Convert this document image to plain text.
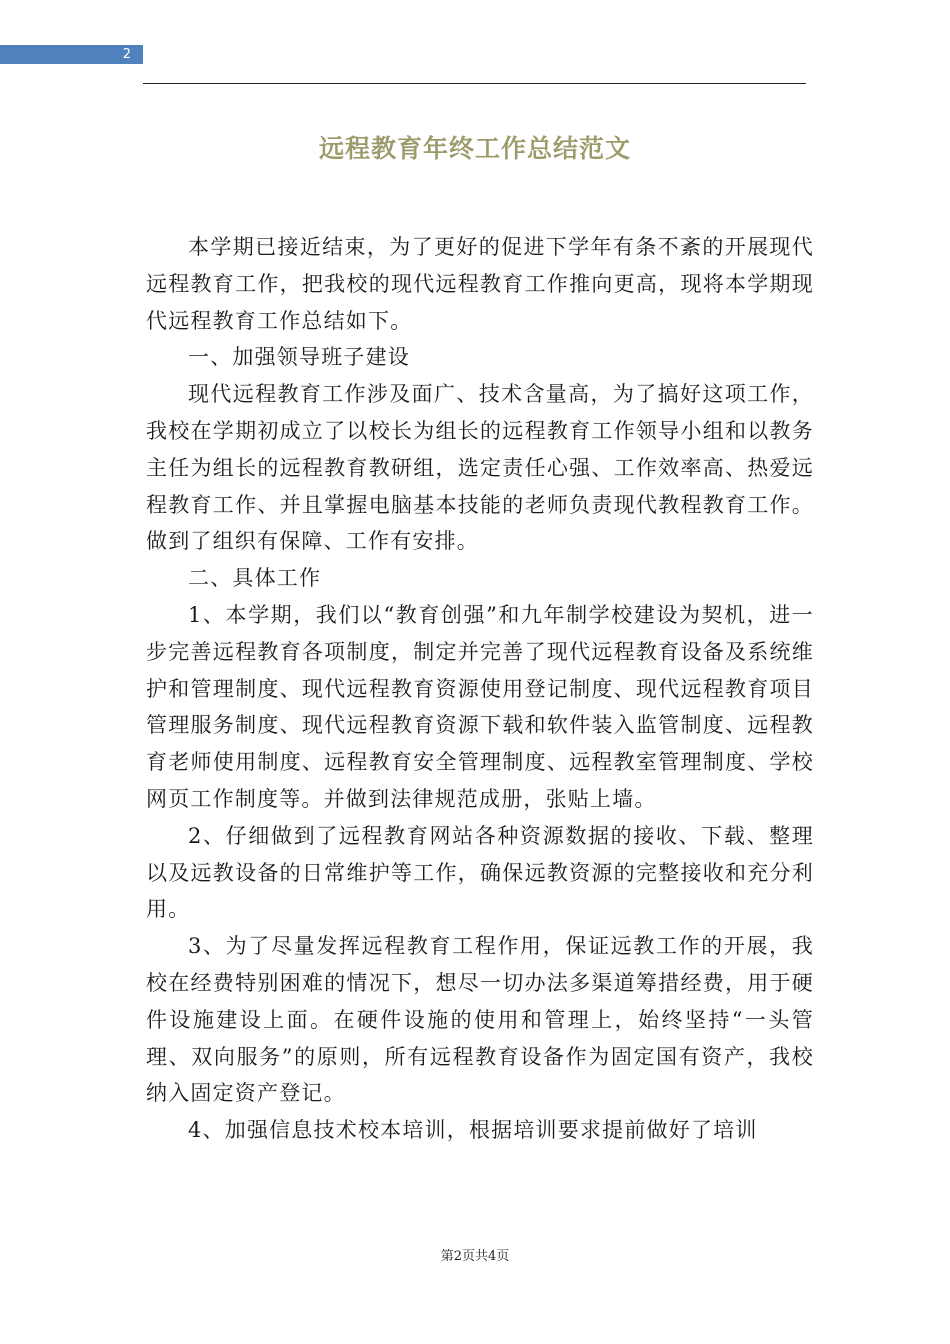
2
远程教育年终工作总结范文

本学期已接近结束，为了更好的促进下学年有条不紊的开展现代远程教育工作，把我校的现代远程教育工作推向更高，现将本学期现代远程教育工作总结如下。

一、加强领导班子建设

现代远程教育工作涉及面广、技术含量高，为了搞好这项工作，我校在学期初成立了以校长为组长的远程教育工作领导小组和以教务主任为组长的远程教育教研组，选定责任心强、工作效率高、热爱远程教育工作、并且掌握电脑基本技能的老师负责现代教程教育工作。做到了组织有保障、工作有安排。

二、具体工作

1、本学期，我们以“教育创强”和九年制学校建设为契机，进一步完善远程教育各项制度，制定并完善了现代远程教育设备及系统维护和管理制度、现代远程教育资源使用登记制度、现代远程教育项目管理服务制度、现代远程教育资源下载和软件装入监管制度、远程教育老师使用制度、远程教育安全管理制度、远程教室管理制度、学校网页工作制度等。并做到法律规范成册，张贴上墙。

2、仔细做到了远程教育网站各种资源数据的接收、下载、整理以及远教设备的日常维护等工作，确保远教资源的完整接收和充分利用。

3、为了尽量发挥远程教育工程作用，保证远教工作的开展，我校在经费特别困难的情况下，想尽一切办法多渠道筹措经费，用于硬件设施建设上面。在硬件设施的使用和管理上，始终坚持“一头管理、双向服务”的原则，所有远程教育设备作为固定国有资产，我校纳入固定资产登记。

4、加强信息技术校本培训，根据培训要求提前做好了培训

第2页共4页
